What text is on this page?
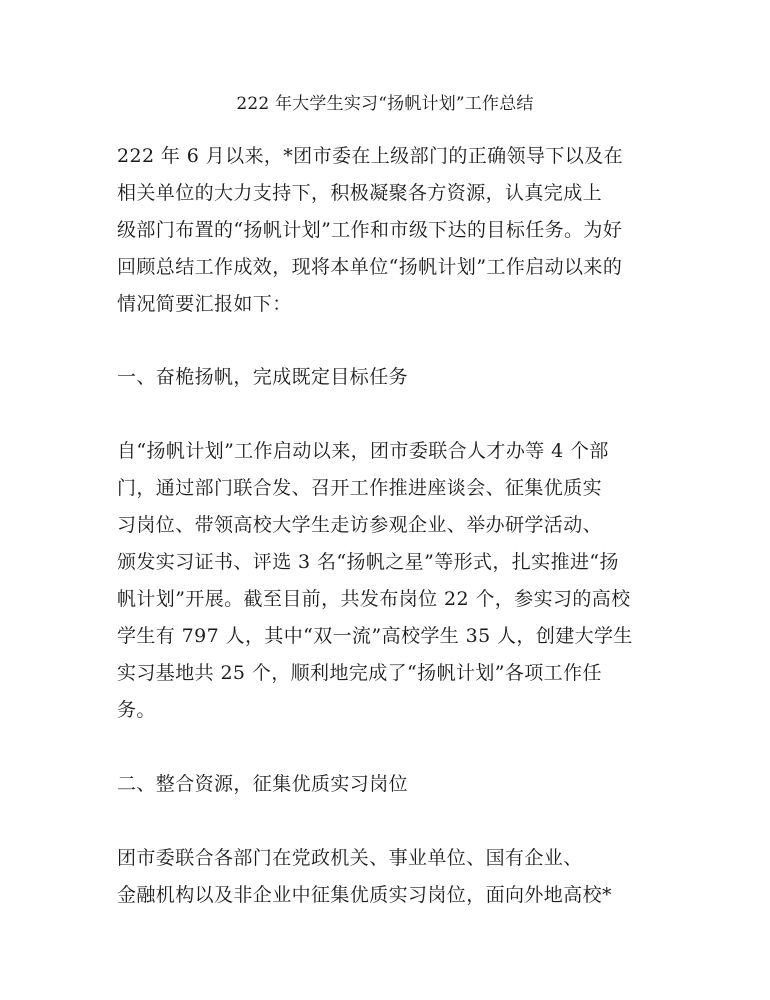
222 年大学生实习“扬帆计划”工作总结
222 年 6 月以来，*团市委在上级部门的正确领导下以及在
相关单位的大力支持下，积极凝聚各方资源，认真完成上
级部门布置的“扬帆计划”工作和市级下达的目标任务。为好
回顾总结工作成效，现将本单位“扬帆计划”工作启动以来的
情况简要汇报如下：
一、奋桅扬帆，完成既定目标任务
自“扬帆计划”工作启动以来，团市委联合人才办等 4 个部
门，通过部门联合发、召开工作推进座谈会、征集优质实
习岗位、带领高校大学生走访参观企业、举办研学活动、
颁发实习证书、评选 3 名“扬帆之星”等形式，扎实推进“扬
帆计划”开展。截至目前，共发布岗位 22 个，参实习的高校
学生有 797 人，其中“双一流”高校学生 35 人，创建大学生
实习基地共 25 个，顺利地完成了“扬帆计划”各项工作任
务。
二、整合资源，征集优质实习岗位
团市委联合各部门在党政机关、事业单位、国有企业、
金融机构以及非企业中征集优质实习岗位，面向外地高校*
